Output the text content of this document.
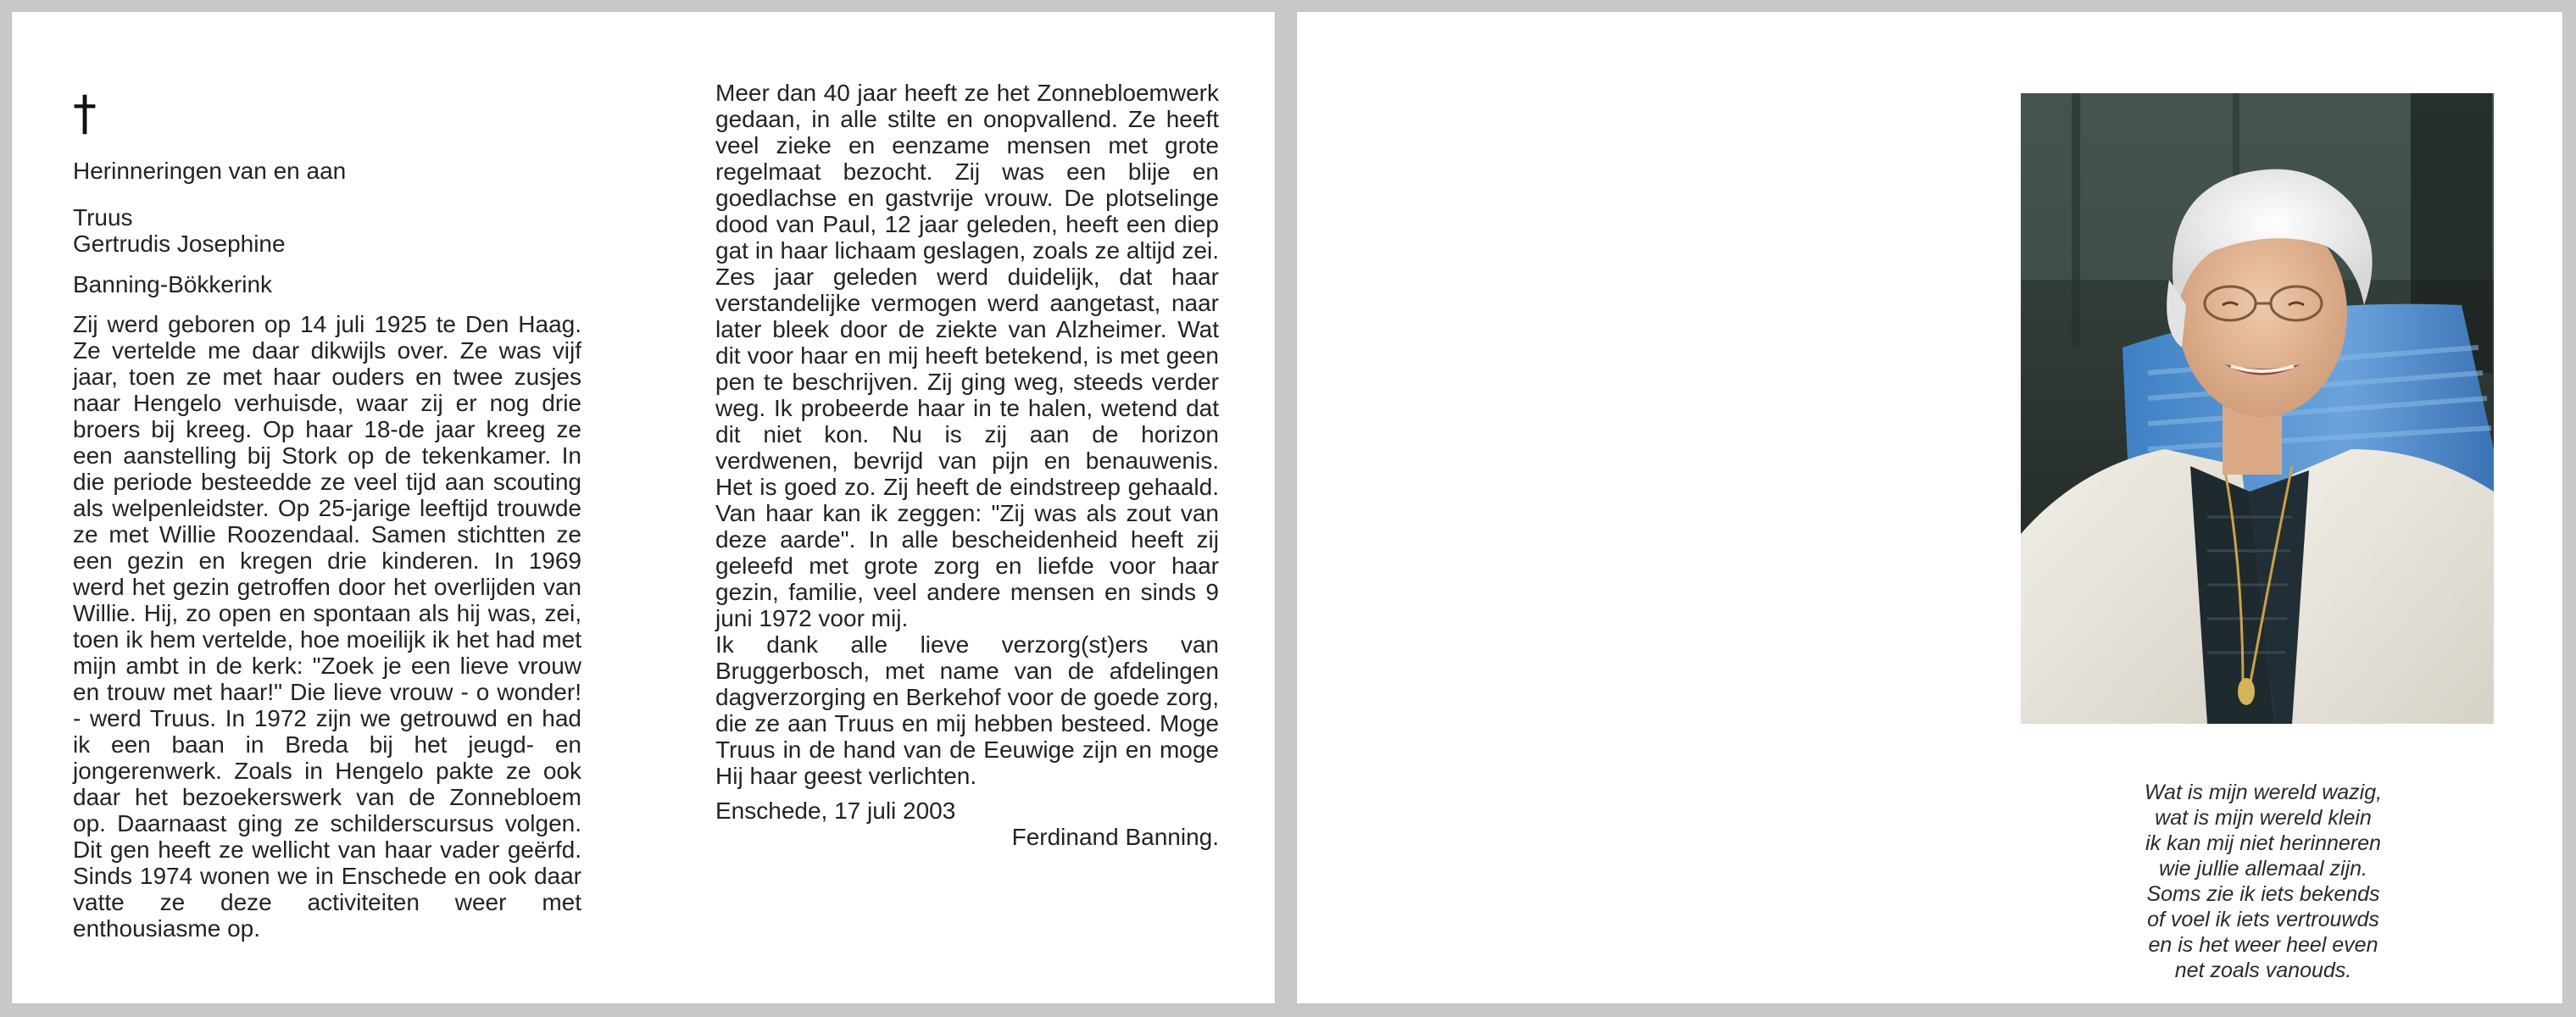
†

Herinneringen van en aan

Truus

Gertrudis Josephine

Banning-Bökkerink

Zij werd geboren op 14 juli 1925 te Den Haag. Ze vertelde me daar dikwijls over. Ze was vijf jaar, toen ze met haar ouders en twee zusjes naar Hengelo verhuisde, waar zij er nog drie broers bij kreeg. Op haar 18-de jaar kreeg ze een aanstelling bij Stork op de tekenkamer. In die periode besteedde ze veel tijd aan scouting als welpenleidster. Op 25-jarige leeftijd trouwde ze met Willie Roozendaal. Samen stichtten ze een gezin en kregen drie kinderen. In 1969 werd het gezin getroffen door het overlijden van Willie. Hij, zo open en spontaan als hij was, zei, toen ik hem vertelde, hoe moeilijk ik het had met mijn ambt in de kerk: "Zoek je een lieve vrouw en trouw met haar!" Die lieve vrouw - o wonder! - werd Truus. In 1972 zijn we getrouwd en had ik een baan in Breda bij het jeugd- en jongerenwerk. Zoals in Hengelo pakte ze ook daar het bezoekerswerk van de Zonnebloem op. Daarnaast ging ze schilderscursus volgen. Dit gen heeft ze wellicht van haar vader geërfd. Sinds 1974 wonen we in Enschede en ook daar vatte ze deze activiteiten weer met enthousiasme op.

Meer dan 40 jaar heeft ze het Zonnebloemwerk gedaan, in alle stilte en onopvallend. Ze heeft veel zieke en eenzame mensen met grote regelmaat bezocht. Zij was een blije en goedlachse en gastvrije vrouw. De plotselinge dood van Paul, 12 jaar geleden, heeft een diep gat in haar lichaam geslagen, zoals ze altijd zei. Zes jaar geleden werd duidelijk, dat haar verstandelijke vermogen werd aangetast, naar later bleek door de ziekte van Alzheimer. Wat dit voor haar en mij heeft betekend, is met geen pen te beschrijven. Zij ging weg, steeds verder weg. Ik probeerde haar in te halen, wetend dat dit niet kon. Nu is zij aan de horizon verdwenen, bevrijd van pijn en benauwenis. Het is goed zo. Zij heeft de eindstreep gehaald. Van haar kan ik zeggen: "Zij was als zout van deze aarde". In alle bescheidenheid heeft zij geleefd met grote zorg en liefde voor haar gezin, familie, veel andere mensen en sinds 9 juni 1972 voor mij.

Ik dank alle lieve verzorg(st)ers van Bruggerbosch, met name van de afdelingen dagverzorging en Berkehof voor de goede zorg, die ze aan Truus en mij hebben besteed. Moge Truus in de hand van de Eeuwige zijn en moge Hij haar geest verlichten.

Enschede, 17 juli 2003

Ferdinand Banning.

Wat is mijn wereld wazig,
wat is mijn wereld klein
ik kan mij niet herinneren
wie jullie allemaal zijn.
Soms zie ik iets bekends
of voel ik iets vertrouwds
en is het weer heel even
net zoals vanouds.
